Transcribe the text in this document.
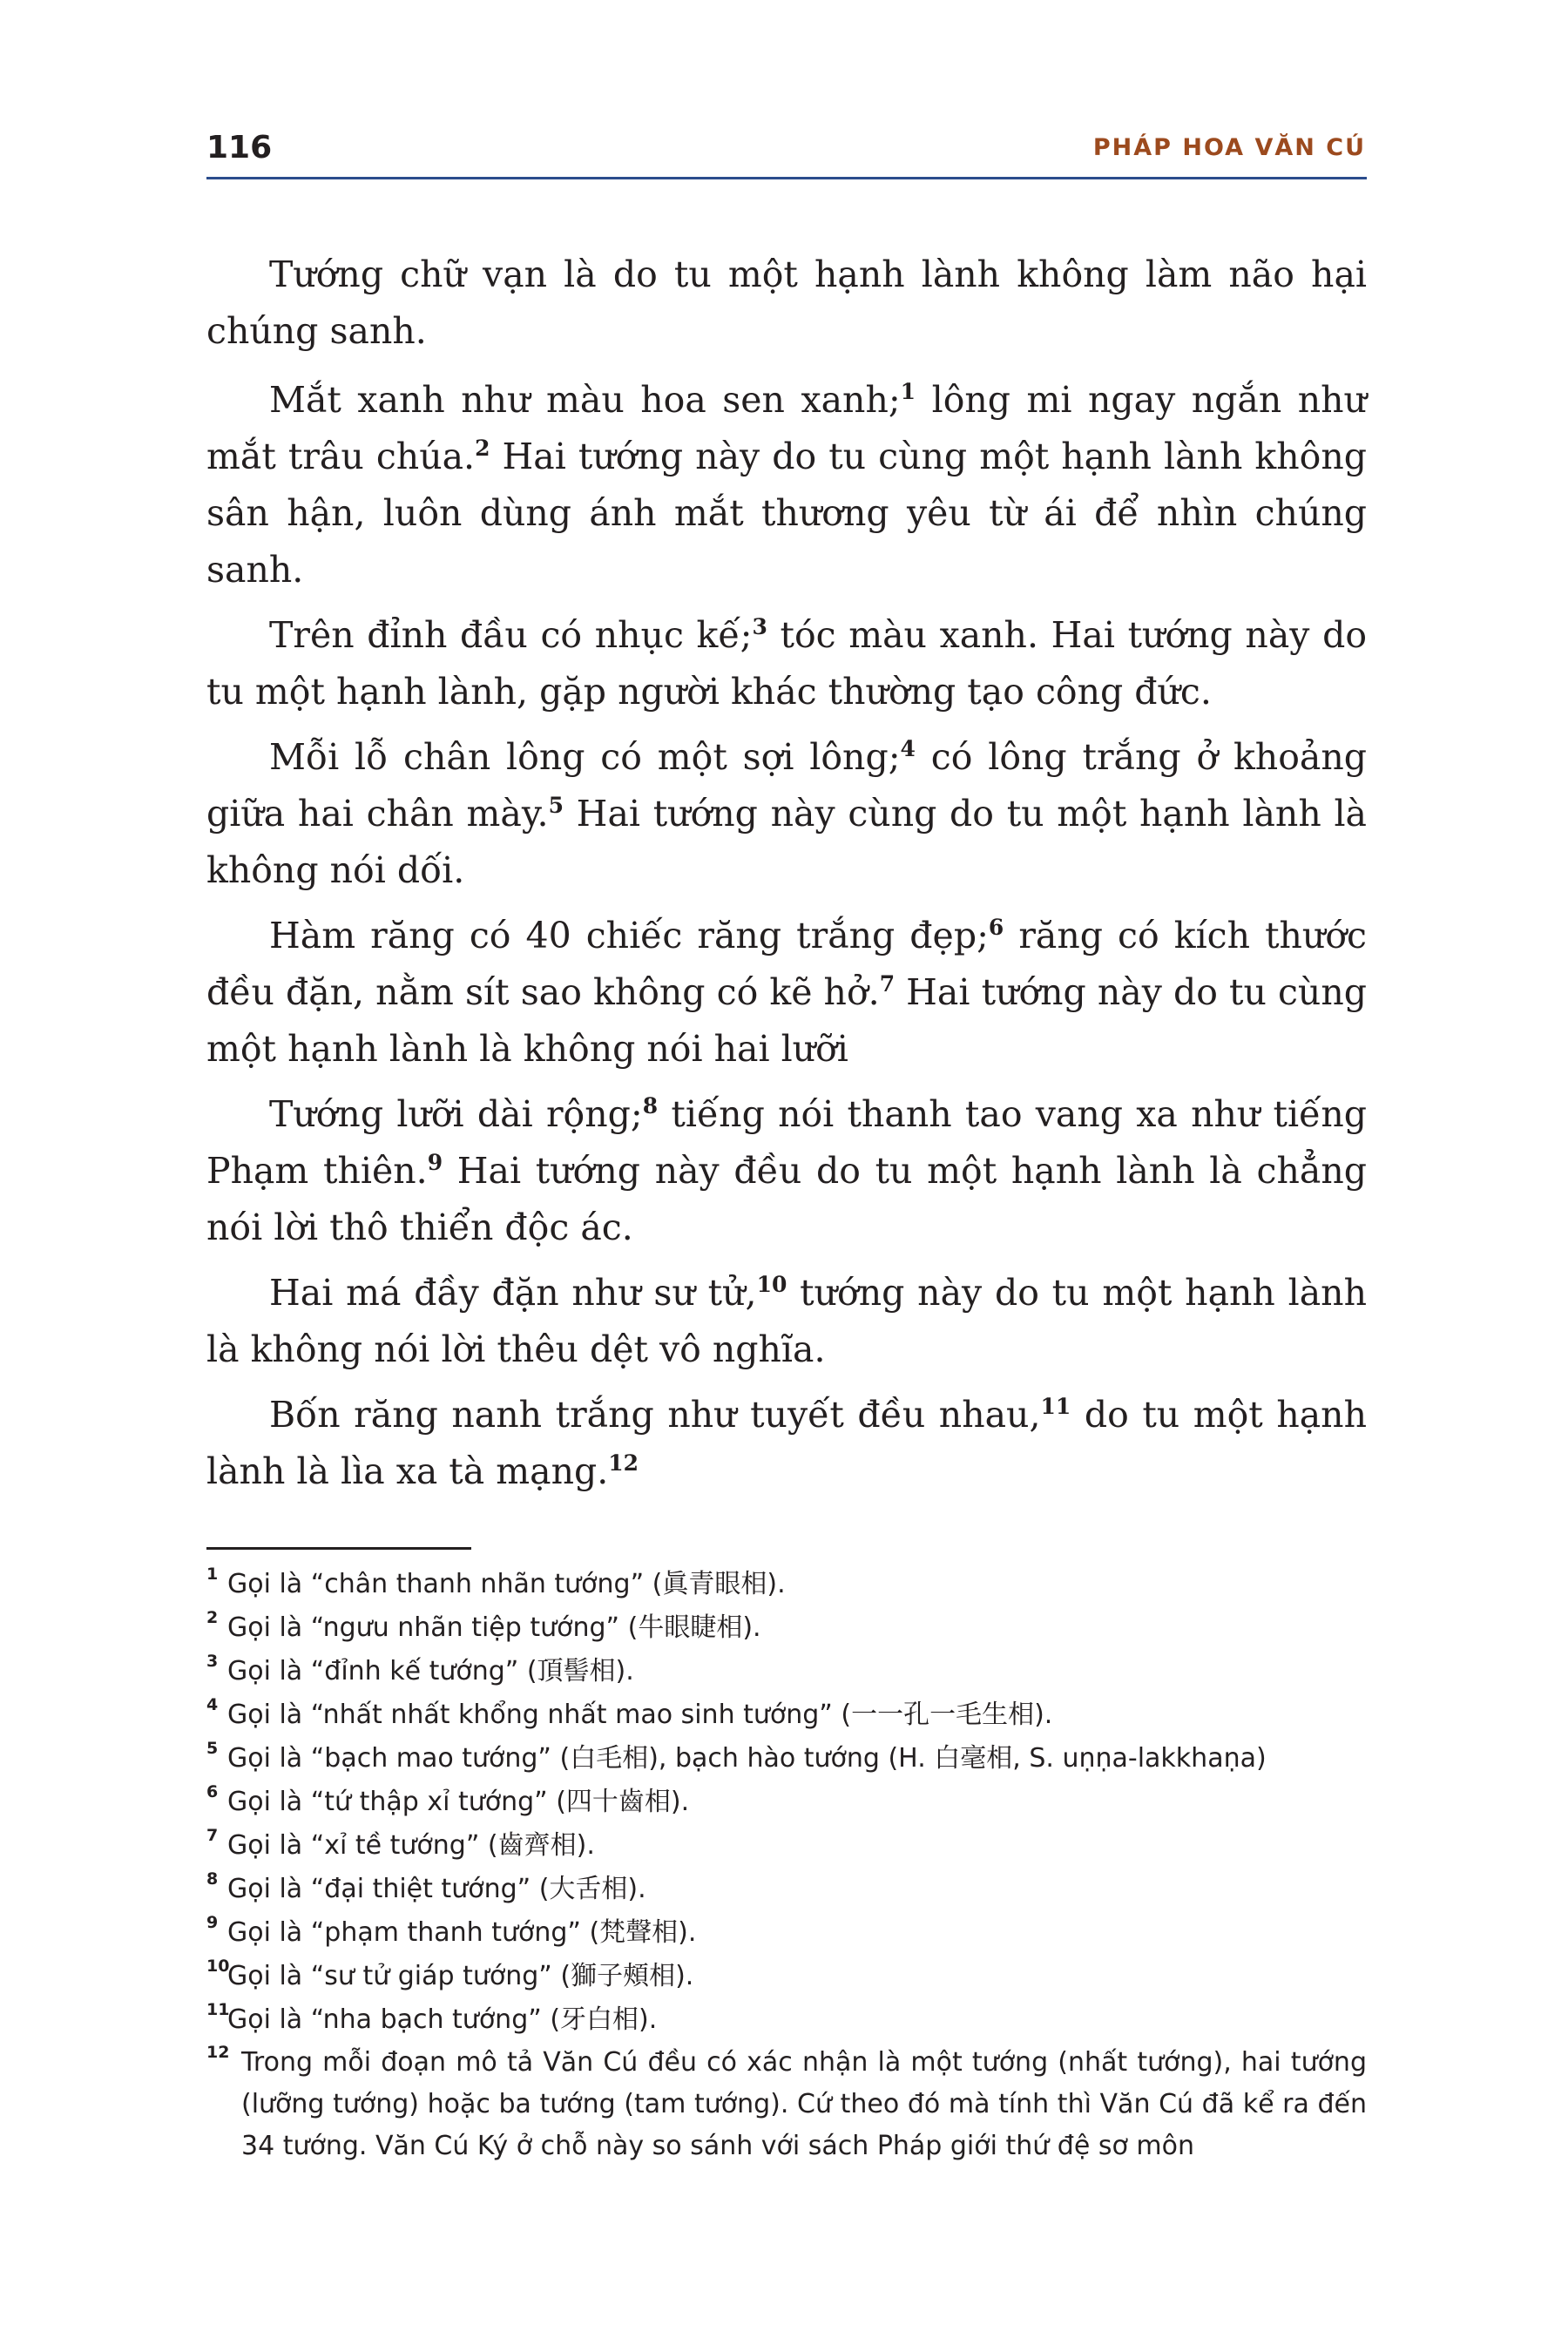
116	PHÁP HOA VĂN CÚ

Tướng chữ vạn là do tu một hạnh lành không làm não hại chúng sanh.

Mắt xanh như màu hoa sen xanh;$^1$ lông mi ngay ngắn như mắt trâu chúa.$^2$ Hai tướng này do tu cùng một hạnh lành không sân hận, luôn dùng ánh mắt thương yêu từ ái để nhìn chúng sanh.

Trên đỉnh đầu có nhục kế;$^3$ tóc màu xanh. Hai tướng này do tu một hạnh lành, gặp người khác thường tạo công đức.

Mỗi lỗ chân lông có một sợi lông;$^4$ có lông trắng ở khoảng giữa hai chân mày.$^5$ Hai tướng này cùng do tu một hạnh lành là không nói dối.

Hàm răng có 40 chiếc răng trắng đẹp;$^6$ răng có kích thước đều đặn, nằm sít sao không có kẽ hở.$^7$ Hai tướng này do tu cùng một hạnh lành là không nói hai lưỡi

Tướng lưỡi dài rộng;$^8$ tiếng nói thanh tao vang xa như tiếng Phạm thiên.$^9$ Hai tướng này đều do tu một hạnh lành là chẳng nói lời thô thiển độc ác.

Hai má đầy đặn như sư tử,$^{10}$ tướng này do tu một hạnh lành là không nói lời thêu dệt vô nghĩa.

Bốn răng nanh trắng như tuyết đều nhau,$^{11}$ do tu một hạnh lành là lìa xa tà mạng.$^{12}$

1 Gọi là “chân thanh nhãn tướng” (眞青眼相).
2 Gọi là “ngưu nhãn tiệp tướng” (牛眼睫相).
3 Gọi là “đỉnh kế tướng” (頂髻相).
4 Gọi là “nhất nhất khổng nhất mao sinh tướng” (一一孔一毛生相).
5 Gọi là “bạch mao tướng” (白毛相), bạch hào tướng (H. 白毫相, S. uṇṇa-lakkhaṇa)
6 Gọi là “tứ thập xỉ tướng” (四十齒相).
7 Gọi là “xỉ tề tướng” (齒齊相).
8 Gọi là “đại thiệt tướng” (大舌相).
9 Gọi là “phạm thanh tướng” (梵聲相).
10
Gọi là “sư tử giáp tướng” (獅子頰相).
11
Gọi là “nha bạch tướng” (牙白相).
12 Trong mỗi đoạn mô tả Văn Cú đều có xác nhận là một tướng (nhất tướng), hai tướng (lưỡng tướng) hoặc ba tướng (tam tướng). Cứ theo đó mà tính thì Văn Cú đã kể ra đến 34 tướng. Văn Cú Ký ở chỗ này so sánh với sách Pháp giới thứ đệ sơ môn
